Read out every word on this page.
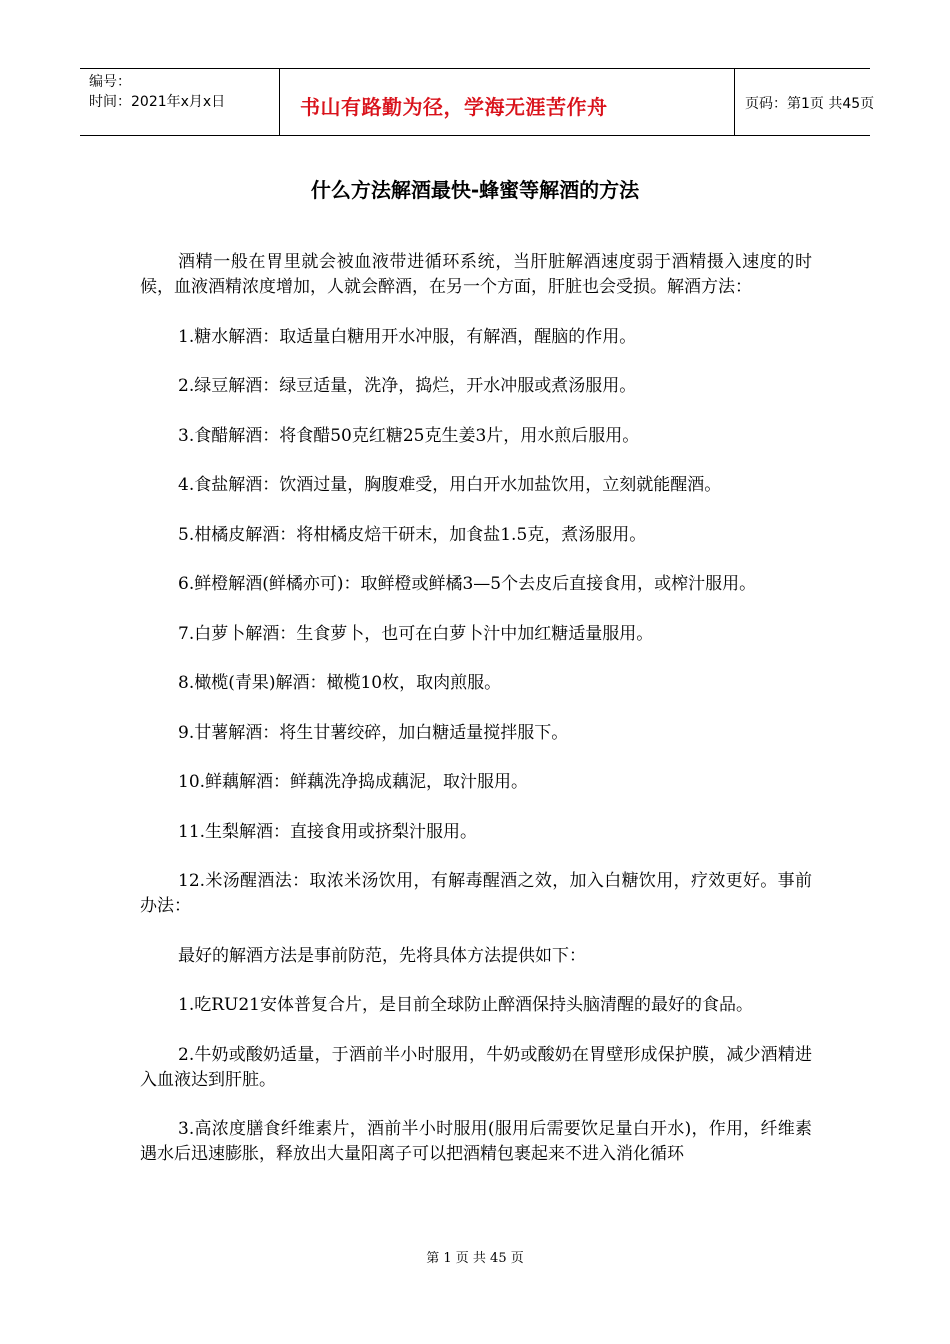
编号：
时间：2021年x月x日	书山有路勤为径，学海无涯苦作舟	页码：第1页 共45页
什么方法解酒最快-蜂蜜等解酒的方法

酒精一般在胃里就会被血液带进循环系统，当肝脏解酒速度弱于酒精摄入速度的时候，血液酒精浓度增加，人就会醉酒，在另一个方面，肝脏也会受损。解酒方法：

1.糖水解酒：取适量白糖用开水冲服，有解酒，醒脑的作用。

2.绿豆解酒：绿豆适量，洗净，捣烂，开水冲服或煮汤服用。

3.食醋解酒：将食醋50克红糖25克生姜3片，用水煎后服用。

4.食盐解酒：饮酒过量，胸腹难受，用白开水加盐饮用，立刻就能醒酒。

5.柑橘皮解酒：将柑橘皮焙干研末，加食盐1.5克，煮汤服用。

6.鲜橙解酒(鲜橘亦可)：取鲜橙或鲜橘3—5个去皮后直接食用，或榨汁服用。

7.白萝卜解酒：生食萝卜，也可在白萝卜汁中加红糖适量服用。

8.橄榄(青果)解酒：橄榄10枚，取肉煎服。

9.甘薯解酒：将生甘薯绞碎，加白糖适量搅拌服下。

10.鲜藕解酒：鲜藕洗净捣成藕泥，取汁服用。

11.生梨解酒：直接食用或挤梨汁服用。

12.米汤醒酒法：取浓米汤饮用，有解毒醒酒之效，加入白糖饮用，疗效更好。事前办法：

最好的解酒方法是事前防范，先将具体方法提供如下：

1.吃RU21安体普复合片，是目前全球防止醉酒保持头脑清醒的最好的食品。

2.牛奶或酸奶适量，于酒前半小时服用，牛奶或酸奶在胃壁形成保护膜，减少酒精进入血液达到肝脏。

3.高浓度膳食纤维素片，酒前半小时服用(服用后需要饮足量白开水)，作用，纤维素遇水后迅速膨胀，释放出大量阳离子可以把酒精包裹起来不进入消化循环

第 1 页 共 45 页
